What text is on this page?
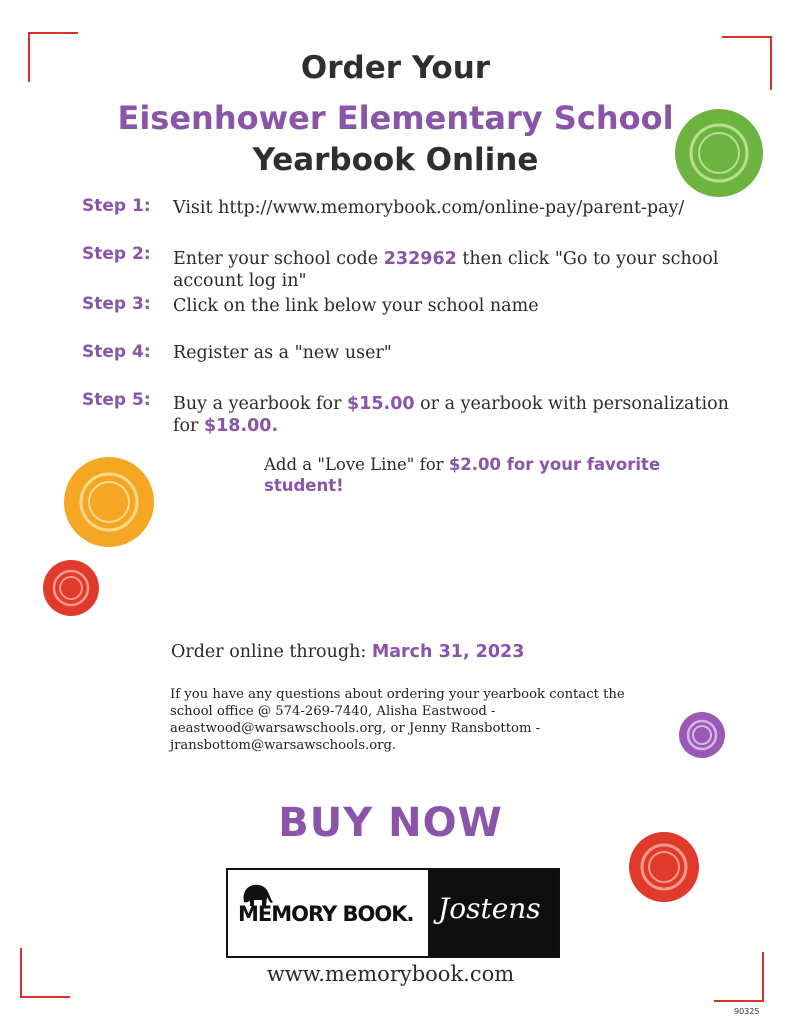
Order Your
Eisenhower Elementary School
Yearbook Online
Step 1: Visit http://www.memorybook.com/online-pay/parent-pay/
Step 2: Enter your school code 232962 then click "Go to your school account log in"
Step 3: Click on the link below your school name
Step 4: Register as a "new user"
Step 5: Buy a yearbook for $15.00 or a yearbook with personalization for $18.00.
Add a "Love Line" for $2.00 for your favorite student!
Order online through: March 31, 2023
If you have any questions about ordering your yearbook contact the school office @ 574-269-7440, Alisha Eastwood - aeastwood@warsawschools.org, or Jenny Ransbottom - jransbottom@warsawschools.org.
BUY NOW
MEMORY BOOK. Jostens
www.memorybook.com
90325
